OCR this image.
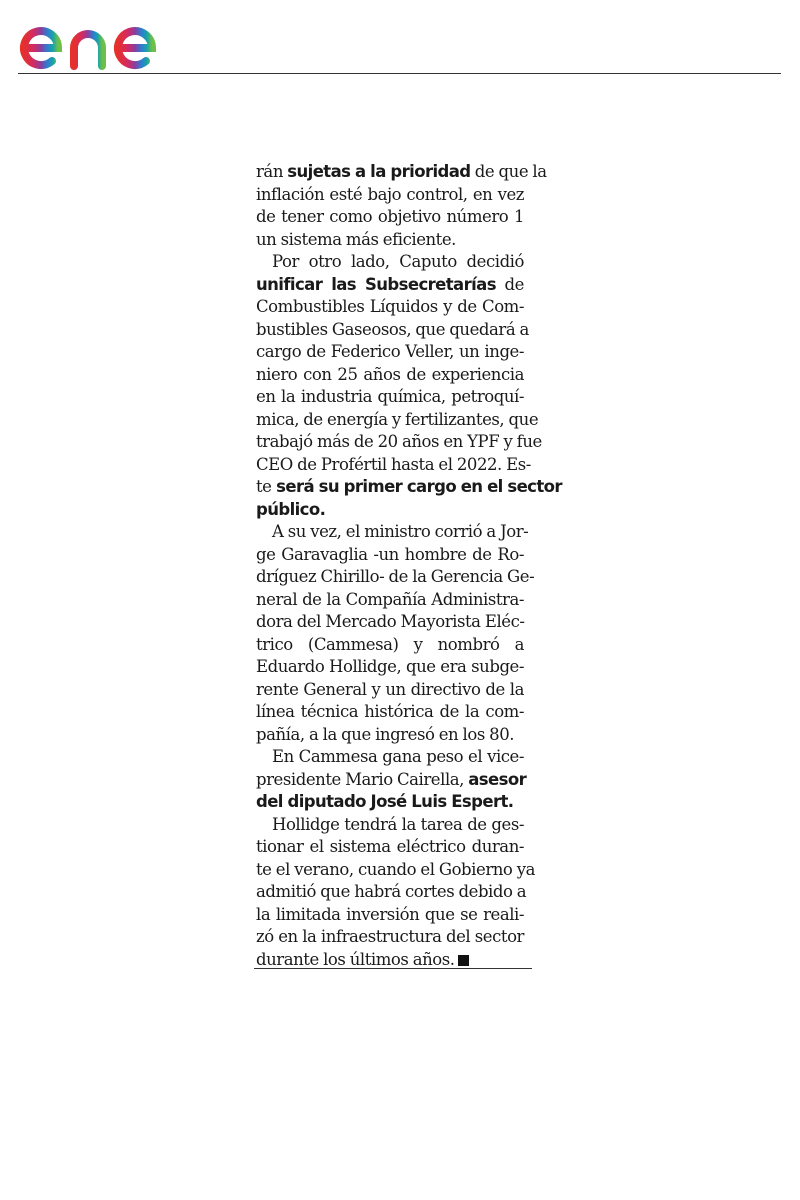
rán sujetas a la prioridad de que la
inflación esté bajo control, en vez
de tener como objetivo número 1
un sistema más eficiente.
Por otro lado, Caputo decidió
unificar las Subsecretarías de
Combustibles Líquidos y de Com-
bustibles Gaseosos, que quedará a
cargo de Federico Veller, un inge-
niero con 25 años de experiencia
en la industria química, petroquí-
mica, de energía y fertilizantes, que
trabajó más de 20 años en YPF y fue
CEO de Profértil hasta el 2022. Es-
te será su primer cargo en el sector
público.
A su vez, el ministro corrió a Jor-
ge Garavaglia -un hombre de Ro-
dríguez Chirillo- de la Gerencia Ge-
neral de la Compañía Administra-
dora del Mercado Mayorista Eléc-
trico (Cammesa) y nombró a
Eduardo Hollidge, que era subge-
rente General y un directivo de la
línea técnica histórica de la com-
pañía, a la que ingresó en los 80.
En Cammesa gana peso el vice-
presidente Mario Cairella, asesor
del diputado José Luis Espert.
Hollidge tendrá la tarea de ges-
tionar el sistema eléctrico duran-
te el verano, cuando el Gobierno ya
admitió que habrá cortes debido a
la limitada inversión que se reali-
zó en la infraestructura del sector
durante los últimos años.
